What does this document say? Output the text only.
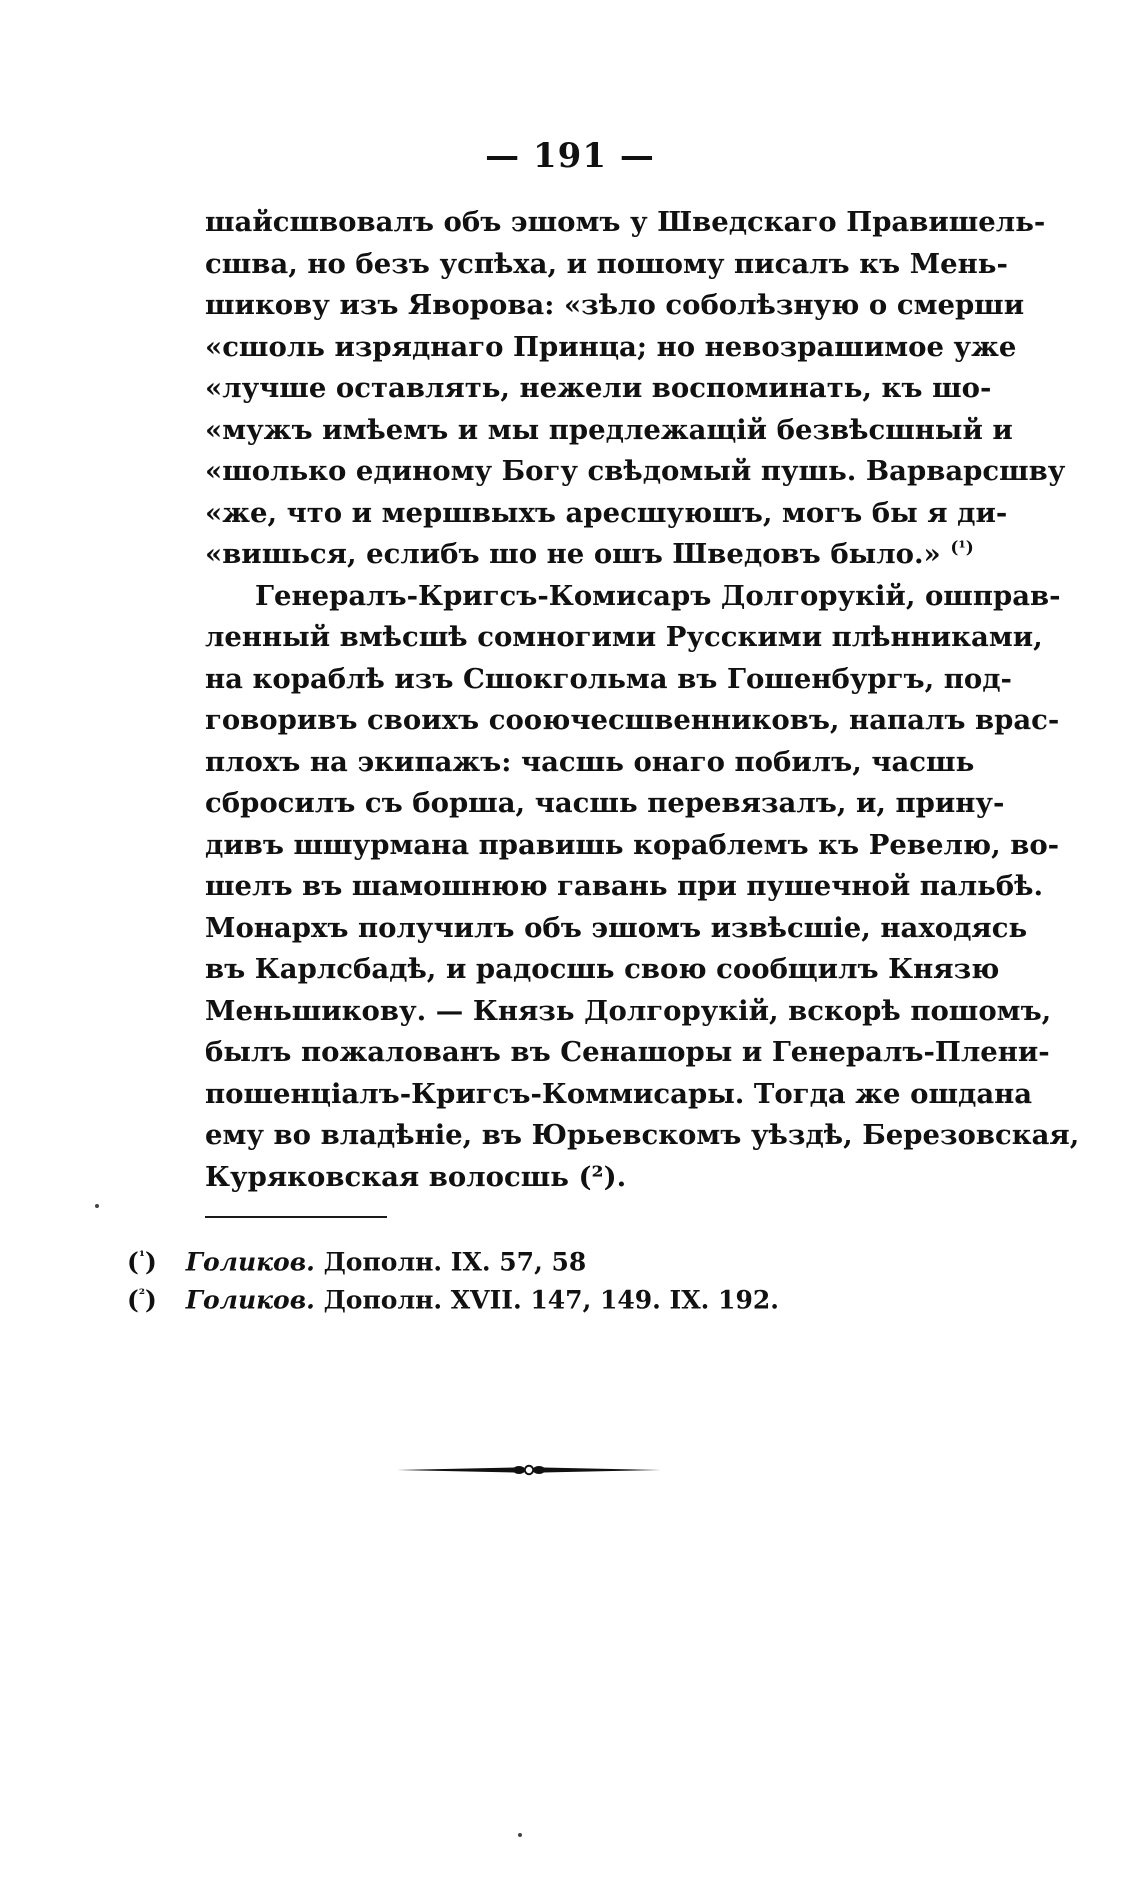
— 191 —
шайсшвовалъ объ эшомъ у Шведскаго Правишель-
сшва, но безъ успѣха, и пошому писалъ къ Мень-
шикову изъ Яворова: «зѣло соболѣзную о смерши
«сшоль изряднаго Принца; но невозрашимое уже
«лучше оставлять, нежели воспоминать, къ шо-
«мужъ имѣемъ и мы предлежащій безвѣсшный и
«шолько единому Богу свѣдомый пушь. Варварсшву
«же, что и мершвыхъ аресшуюшъ, могъ бы я ди-
«вишься, еслибъ шо не ошъ Шведовъ было.» $^{(^1)}$
Генералъ-Кригсъ-Комисаръ Долгорукій, ошправ-
ленный вмѣсшѣ сомногими Русскими плѣнниками,
на кораблѣ изъ Сшокгольма въ Гошенбургъ, под-
говоривъ своихъ сооючесшвенниковъ, напалъ врас-
плохъ на экипажъ: часшь онаго побилъ, часшь
сбросилъ съ борша, часшь перевязалъ, и, прину-
дивъ шшурмана правишь кораблемъ къ Ревелю, во-
шелъ въ шамошнюю гавань при пушечной пальбѣ.
Монархъ получилъ объ эшомъ извѣсшіе, находясь
въ Карлсбадѣ, и радосшь свою сообщилъ Князю
Меньшикову. — Князь Долгорукій, вскорѣ пошомъ,
былъ пожалованъ въ Сенашоры и Генералъ-Плени-
пошенціалъ-Кригсъ-Коммисары. Тогда же ошдана
ему во владѣніе, въ Юрьевскомъ уѣздѣ, Березовская,
Куряковская волосшь (²).
($^{^1}$) Голиков. Дополн. IX. 57, 58
($^{^2}$) Голиков. Дополн. XVII. 147, 149. IX. 192.
